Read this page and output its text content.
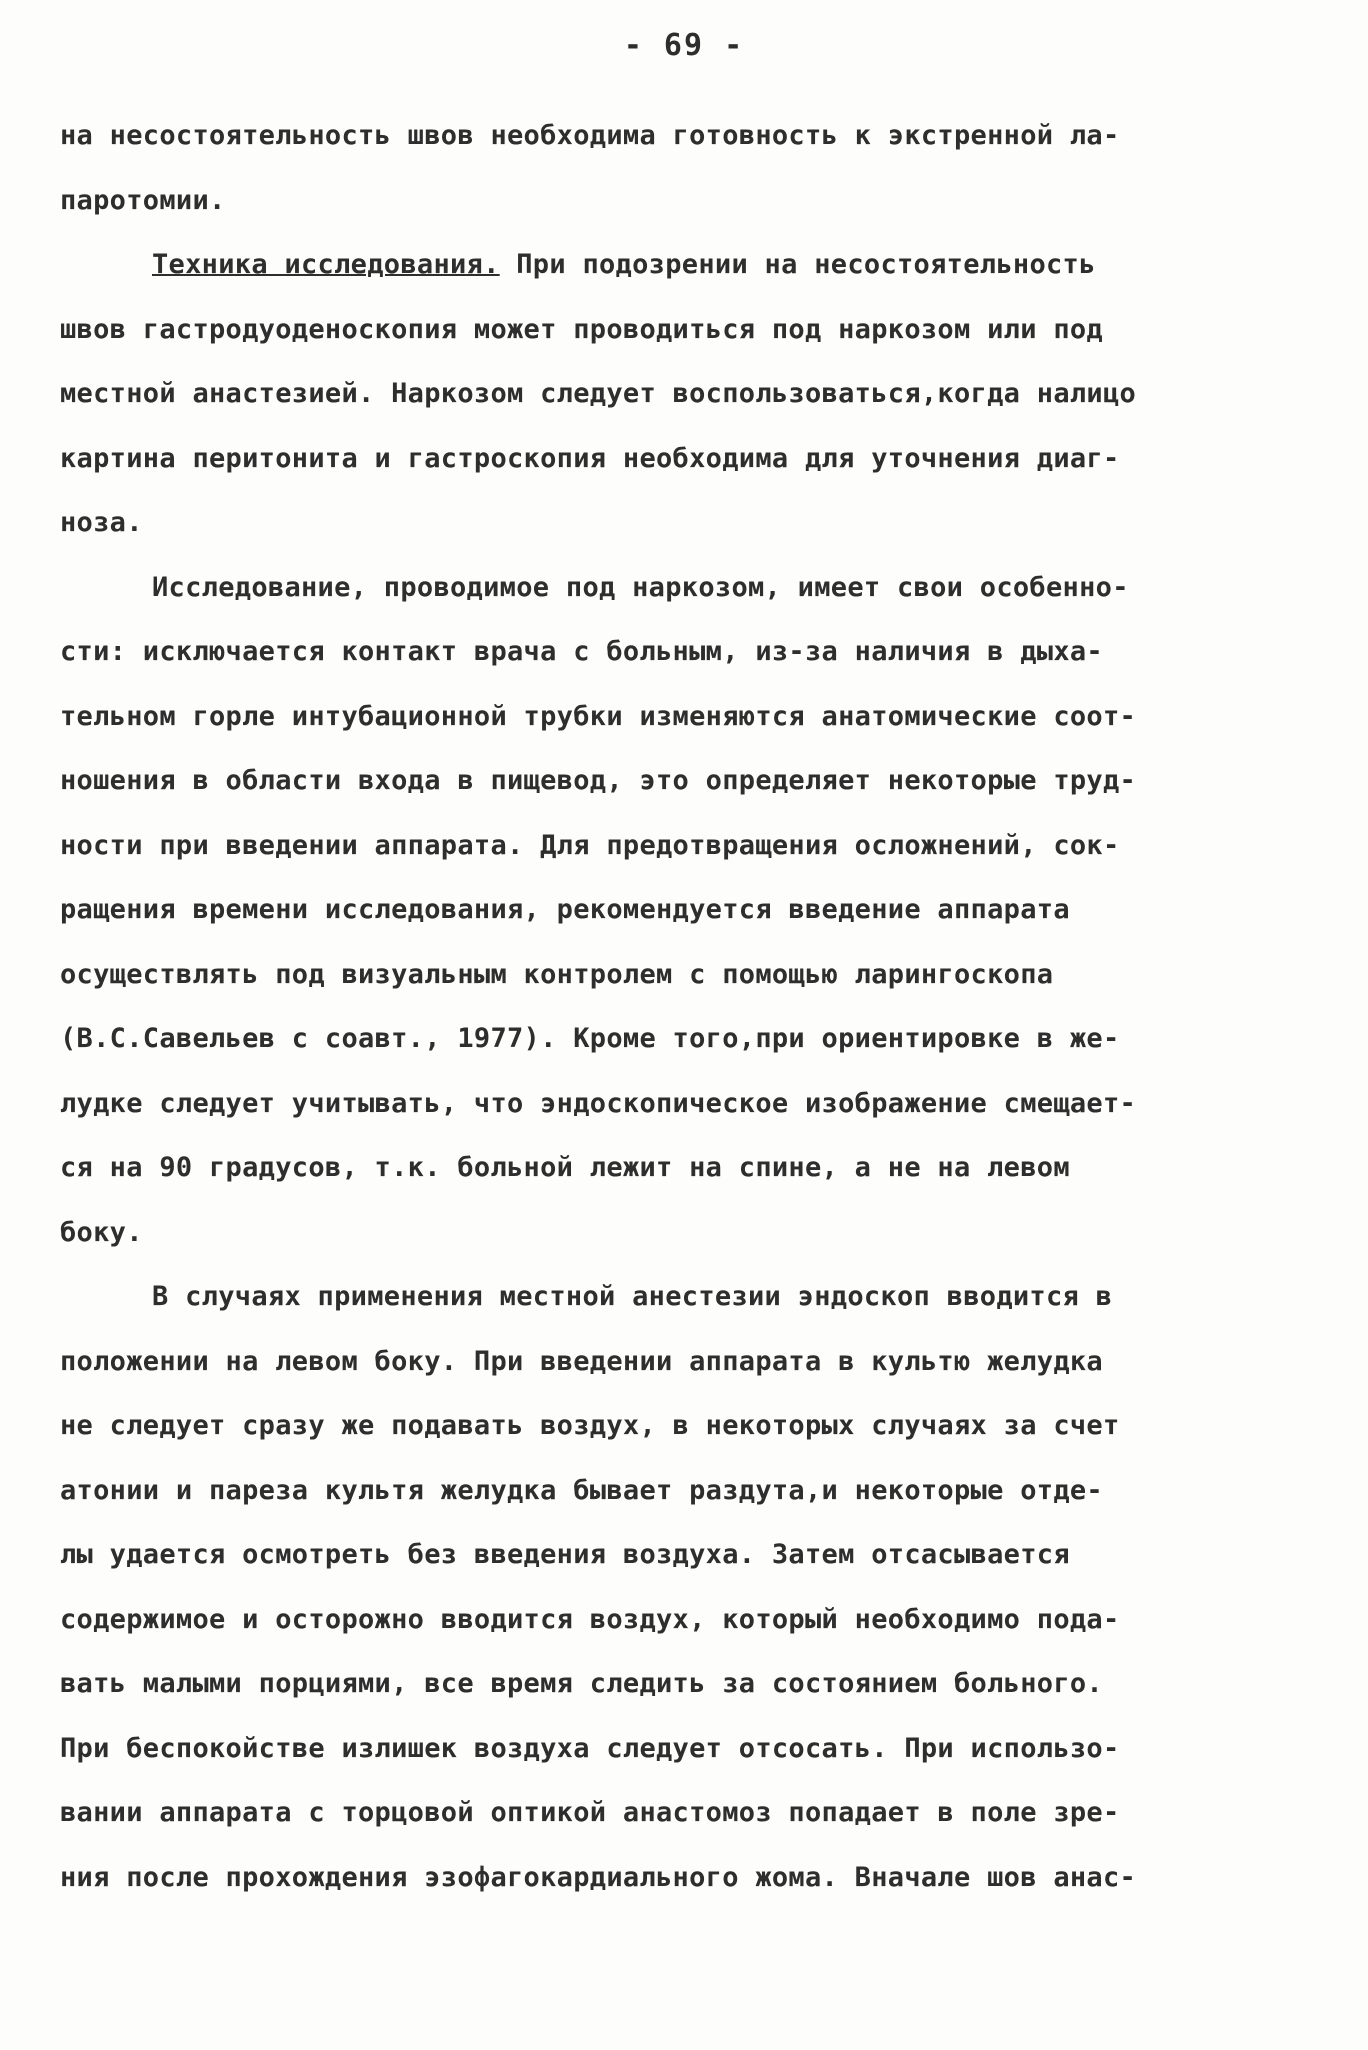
- 69 -
на несостоятельность швов необходима готовность к экстренной ла-
паротомии.
Техника исследования. При подозрении на несостоятельность
швов гастродуоденоскопия может проводиться под наркозом или под
местной анастезией. Наркозом следует воспользоваться,когда налицо
картина перитонита и гастроскопия необходима для уточнения диаг-
ноза.
Исследование, проводимое под наркозом, имеет свои особенно-
сти: исключается контакт врача с больным, из-за наличия в дыха-
тельном горле интубационной трубки изменяются анатомические соот-
ношения в области входа в пищевод, это определяет некоторые труд-
ности при введении аппарата. Для предотвращения осложнений, сок-
ращения времени исследования, рекомендуется введение аппарата
осуществлять под визуальным контролем с помощью ларингоскопа
(В.С.Савельев с соавт., 1977). Кроме того,при ориентировке в же-
лудке следует учитывать, что эндоскопическое изображение смещает-
ся на 90 градусов, т.к. больной лежит на спине, а не на левом
боку.
В случаях применения местной анестезии эндоскоп вводится в
положении на левом боку. При введении аппарата в культю желудка
не следует сразу же подавать воздух, в некоторых случаях за счет
атонии и пареза культя желудка бывает раздута,и некоторые отде-
лы удается осмотреть без введения воздуха. Затем отсасывается
содержимое и осторожно вводится воздух, который необходимо пода-
вать малыми порциями, все время следить за состоянием больного.
При беспокойстве излишек воздуха следует отсосать. При использо-
вании аппарата с торцовой оптикой анастомоз попадает в поле зре-
ния после прохождения эзофагокардиального жома. Вначале шов анас-
